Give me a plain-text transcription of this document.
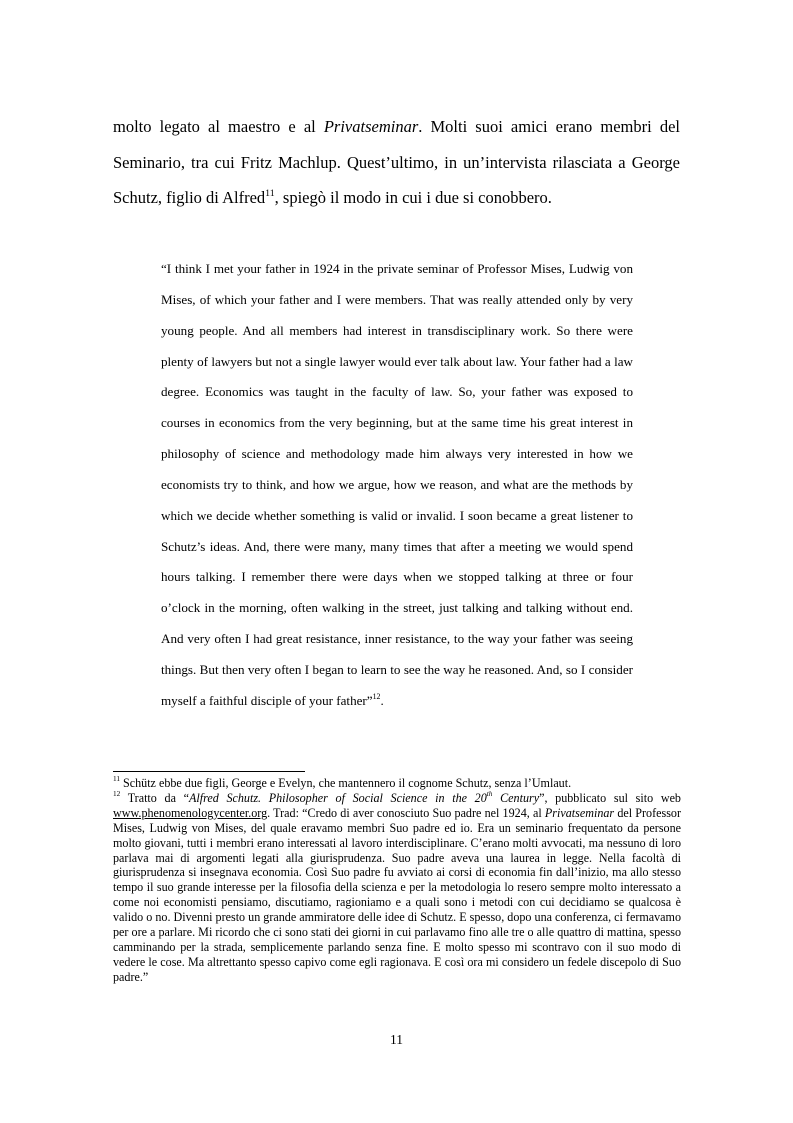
molto legato al maestro e al Privatseminar. Molti suoi amici erano membri del Seminario, tra cui Fritz Machlup. Quest’ultimo, in un’intervista rilasciata a George Schutz, figlio di Alfred$^{11}$, spiegò il modo in cui i due si conobbero.

“I think I met your father in 1924 in the private seminar of Professor Mises, Ludwig von Mises, of which your father and I were members. That was really attended only by very young people. And all members had interest in transdisciplinary work. So there were plenty of lawyers but not a single lawyer would ever talk about law. Your father had a law degree. Economics was taught in the faculty of law. So, your father was exposed to courses in economics from the very beginning, but at the same time his great interest in philosophy of science and methodology made him always very interested in how we economists try to think, and how we argue, how we reason, and what are the methods by which we decide whether something is valid or invalid. I soon became a great listener to Schutz’s ideas. And, there were many, many times that after a meeting we would spend hours talking. I remember there were days when we stopped talking at three or four o’clock in the morning, often walking in the street, just talking and talking without end. And very often I had great resistance, inner resistance, to the way your father was seeing things. But then very often I began to learn to see the way he reasoned. And, so I consider myself a faithful disciple of your father”$^{12}$.

$^{11}$ Schütz ebbe due figli, George e Evelyn, che mantennero il cognome Schutz, senza l’Umlaut.

$^{12}$ Tratto da “Alfred Schutz. Philosopher of Social Science in the 20th Century”, pubblicato sul sito web www.phenomenologycenter.org. Trad: “Credo di aver conosciuto Suo padre nel 1924, al Privatseminar del Professor Mises, Ludwig von Mises, del quale eravamo membri Suo padre ed io. Era un seminario frequentato da persone molto giovani, tutti i membri erano interessati al lavoro interdisciplinare. C’erano molti avvocati, ma nessuno di loro parlava mai di argomenti legati alla giurisprudenza. Suo padre aveva una laurea in legge. Nella facoltà di giurisprudenza si insegnava economia. Così Suo padre fu avviato ai corsi di economia fin dall’inizio, ma allo stesso tempo il suo grande interesse per la filosofia della scienza e per la metodologia lo resero sempre molto interessato a come noi economisti pensiamo, discutiamo, ragioniamo e a quali sono i metodi con cui decidiamo se qualcosa è valido o no. Divenni presto un grande ammiratore delle idee di Schutz. E spesso, dopo una conferenza, ci fermavamo per ore a parlare. Mi ricordo che ci sono stati dei giorni in cui parlavamo fino alle tre o alle quattro di mattina, spesso camminando per la strada, semplicemente parlando senza fine. E molto spesso mi scontravo con il suo modo di vedere le cose. Ma altrettanto spesso capivo come egli ragionava. E così ora mi considero un fedele discepolo di Suo padre.”

11
